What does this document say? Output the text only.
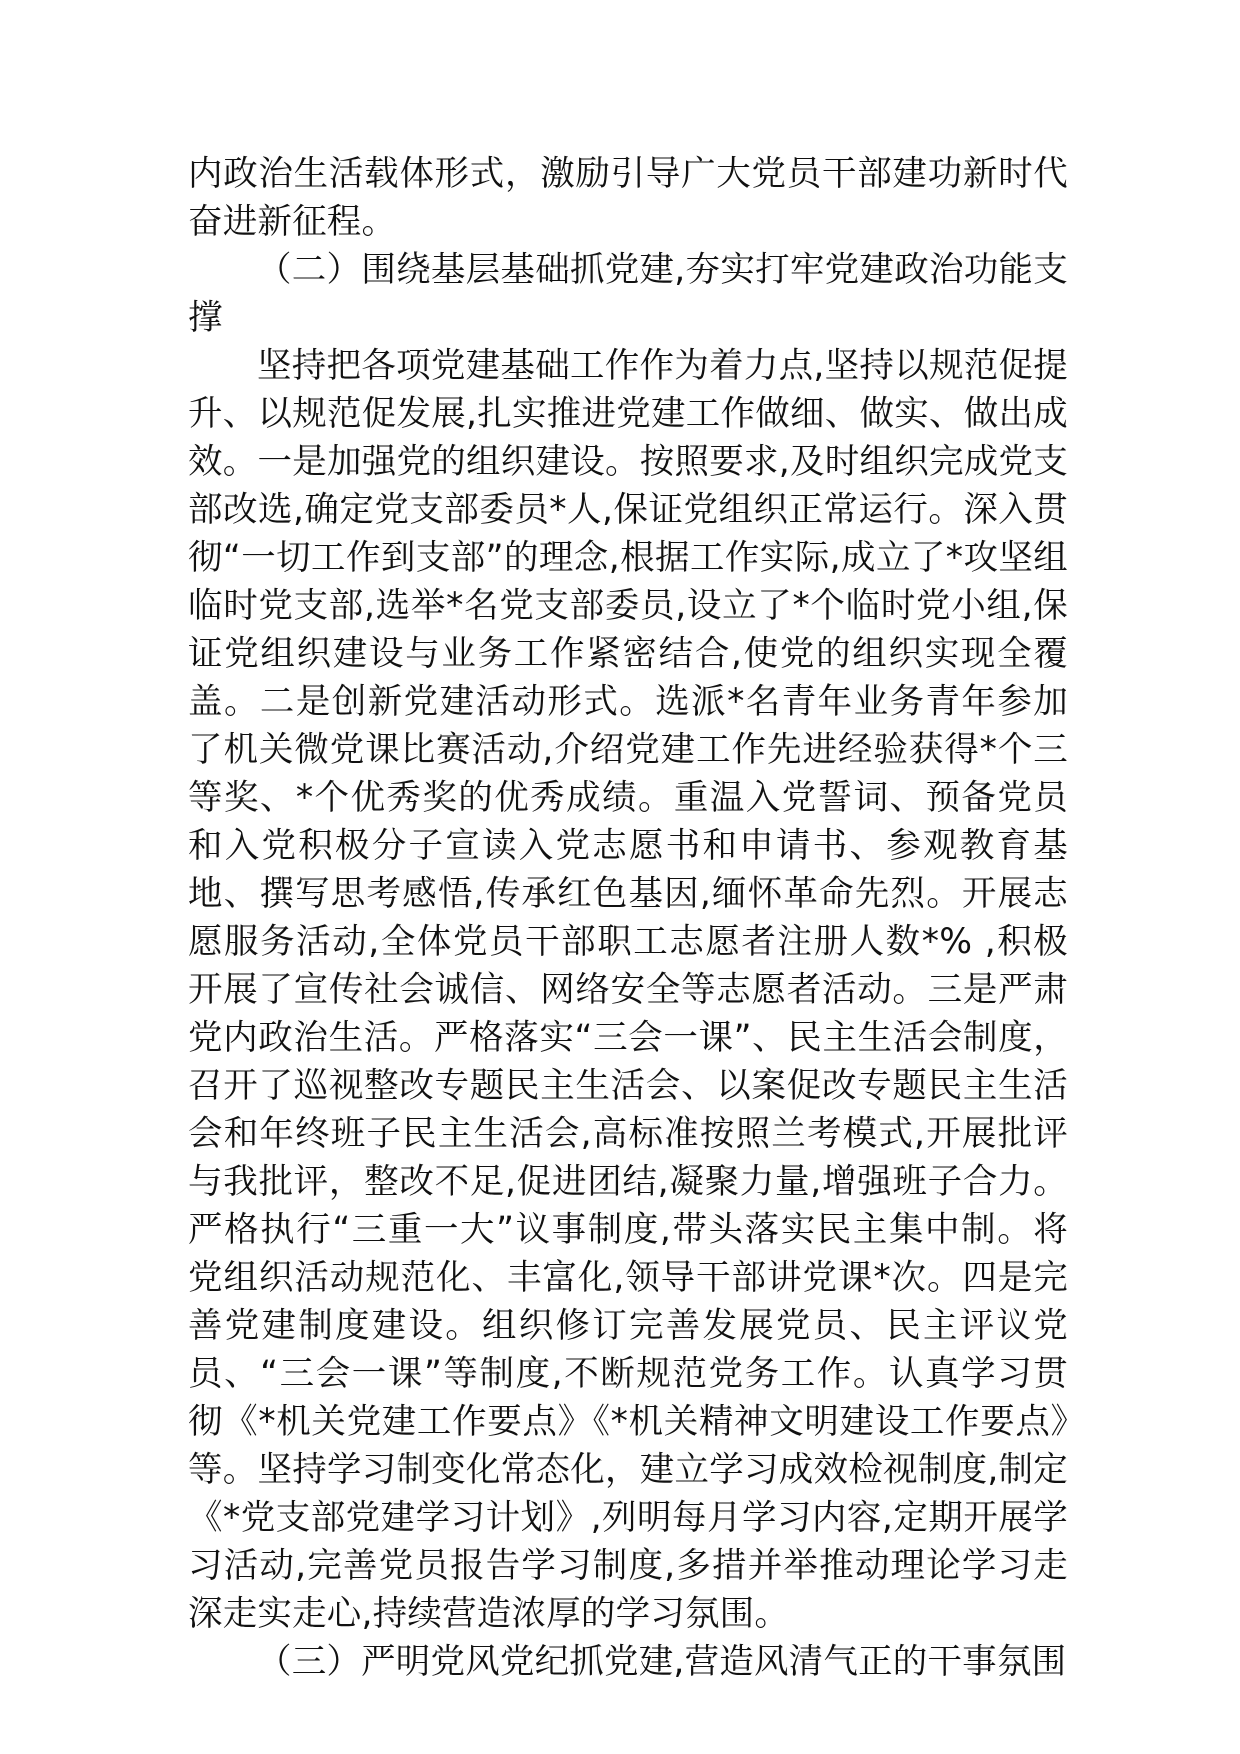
内政治生活载体形式，激励引导广大党员干部建功新时代奋进新征程。

（二）围绕基层基础抓党建,夯实打牢党建政治功能支撑

坚持把各项党建基础工作作为着力点,坚持以规范促提升、以规范促发展,扎实推进党建工作做细、做实、做出成效。一是加强党的组织建设。按照要求,及时组织完成党支部改选,确定党支部委员*人,保证党组织正常运行。深入贯彻“一切工作到支部”的理念,根据工作实际,成立了*攻坚组临时党支部,选举*名党支部委员,设立了*个临时党小组,保证党组织建设与业务工作紧密结合,使党的组织实现全覆盖。二是创新党建活动形式。选派*名青年业务青年参加了机关微党课比赛活动,介绍党建工作先进经验获得*个三等奖、*个优秀奖的优秀成绩。重温入党誓词、预备党员和入党积极分子宣读入党志愿书和申请书、参观教育基地、撰写思考感悟,传承红色基因,缅怀革命先烈。开展志愿服务活动,全体党员干部职工志愿者注册人数*% ,积极开展了宣传社会诚信、网络安全等志愿者活动。三是严肃党内政治生活。严格落实“三会一课”、民主生活会制度，召开了巡视整改专题民主生活会、以案促改专题民主生活会和年终班子民主生活会,高标准按照兰考模式,开展批评与我批评，整改不足,促进团结,凝聚力量,增强班子合力。严格执行“三重一大”议事制度,带头落实民主集中制。将党组织活动规范化、丰富化,领导干部讲党课*次。四是完善党建制度建设。组织修订完善发展党员、民主评议党员、“三会一课”等制度,不断规范党务工作。认真学习贯彻《*机关党建工作要点》《*机关精神文明建设工作要点》等。坚持学习制变化常态化，建立学习成效检视制度,制定《*党支部党建学习计划》,列明每月学习内容,定期开展学习活动,完善党员报告学习制度,多措并举推动理论学习走深走实走心,持续营造浓厚的学习氛围。

（三）严明党风党纪抓党建,营造风清气正的干事氛围
